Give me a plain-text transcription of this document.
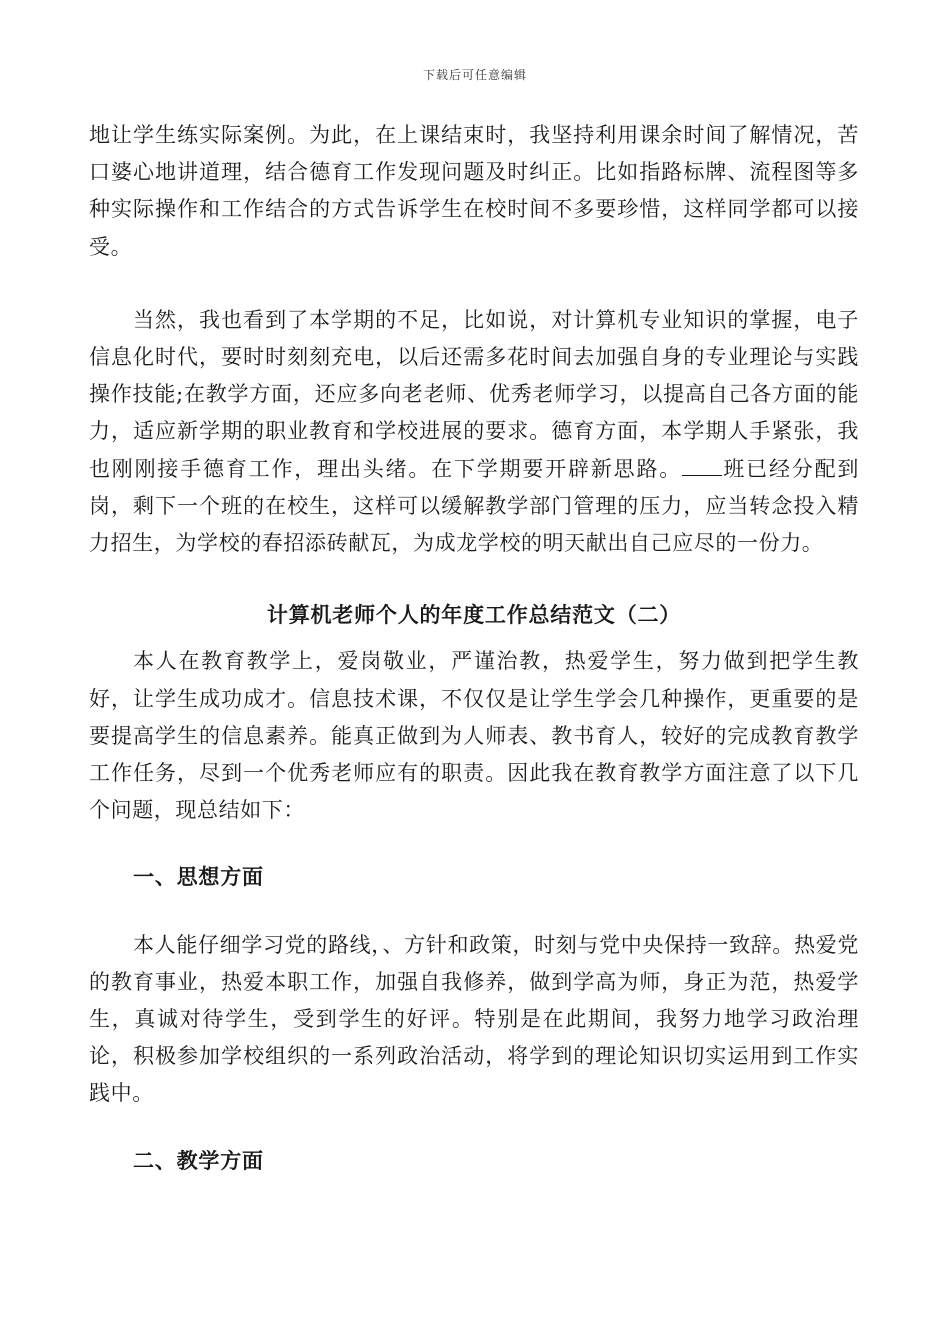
下载后可任意编辑

地让学生练实际案例。为此，在上课结束时，我坚持利用课余时间了解情况，苦口婆心地讲道理，结合德育工作发现问题及时纠正。比如指路标牌、流程图等多种实际操作和工作结合的方式告诉学生在校时间不多要珍惜，这样同学都可以接受。

当然，我也看到了本学期的不足，比如说，对计算机专业知识的掌握，电子信息化时代，要时时刻刻充电，以后还需多花时间去加强自身的专业理论与实践操作技能;在教学方面，还应多向老老师、优秀老师学习，以提高自己各方面的能力，适应新学期的职业教育和学校进展的要求。德育方面，本学期人手紧张，我也刚刚接手德育工作，理出头绪。在下学期要开辟新思路。 班已经分配到岗，剩下一个班的在校生，这样可以缓解教学部门管理的压力，应当转念投入精力招生，为学校的春招添砖献瓦，为成龙学校的明天献出自己应尽的一份力。

计算机老师个人的年度工作总结范文（二）

本人在教育教学上，爱岗敬业，严谨治教，热爱学生，努力做到把学生教好，让学生成功成才。信息技术课，不仅仅是让学生学会几种操作，更重要的是要提高学生的信息素养。能真正做到为人师表、教书育人，较好的完成教育教学工作任务，尽到一个优秀老师应有的职责。因此我在教育教学方面注意了以下几个问题，现总结如下：

一、思想方面

本人能仔细学习党的路线，、方针和政策，时刻与党中央保持一致辞。热爱党的教育事业，热爱本职工作，加强自我修养，做到学高为师，身正为范，热爱学生，真诚对待学生，受到学生的好评。特别是在此期间，我努力地学习政治理论，积极参加学校组织的一系列政治活动，将学到的理论知识切实运用到工作实践中。

二、教学方面
